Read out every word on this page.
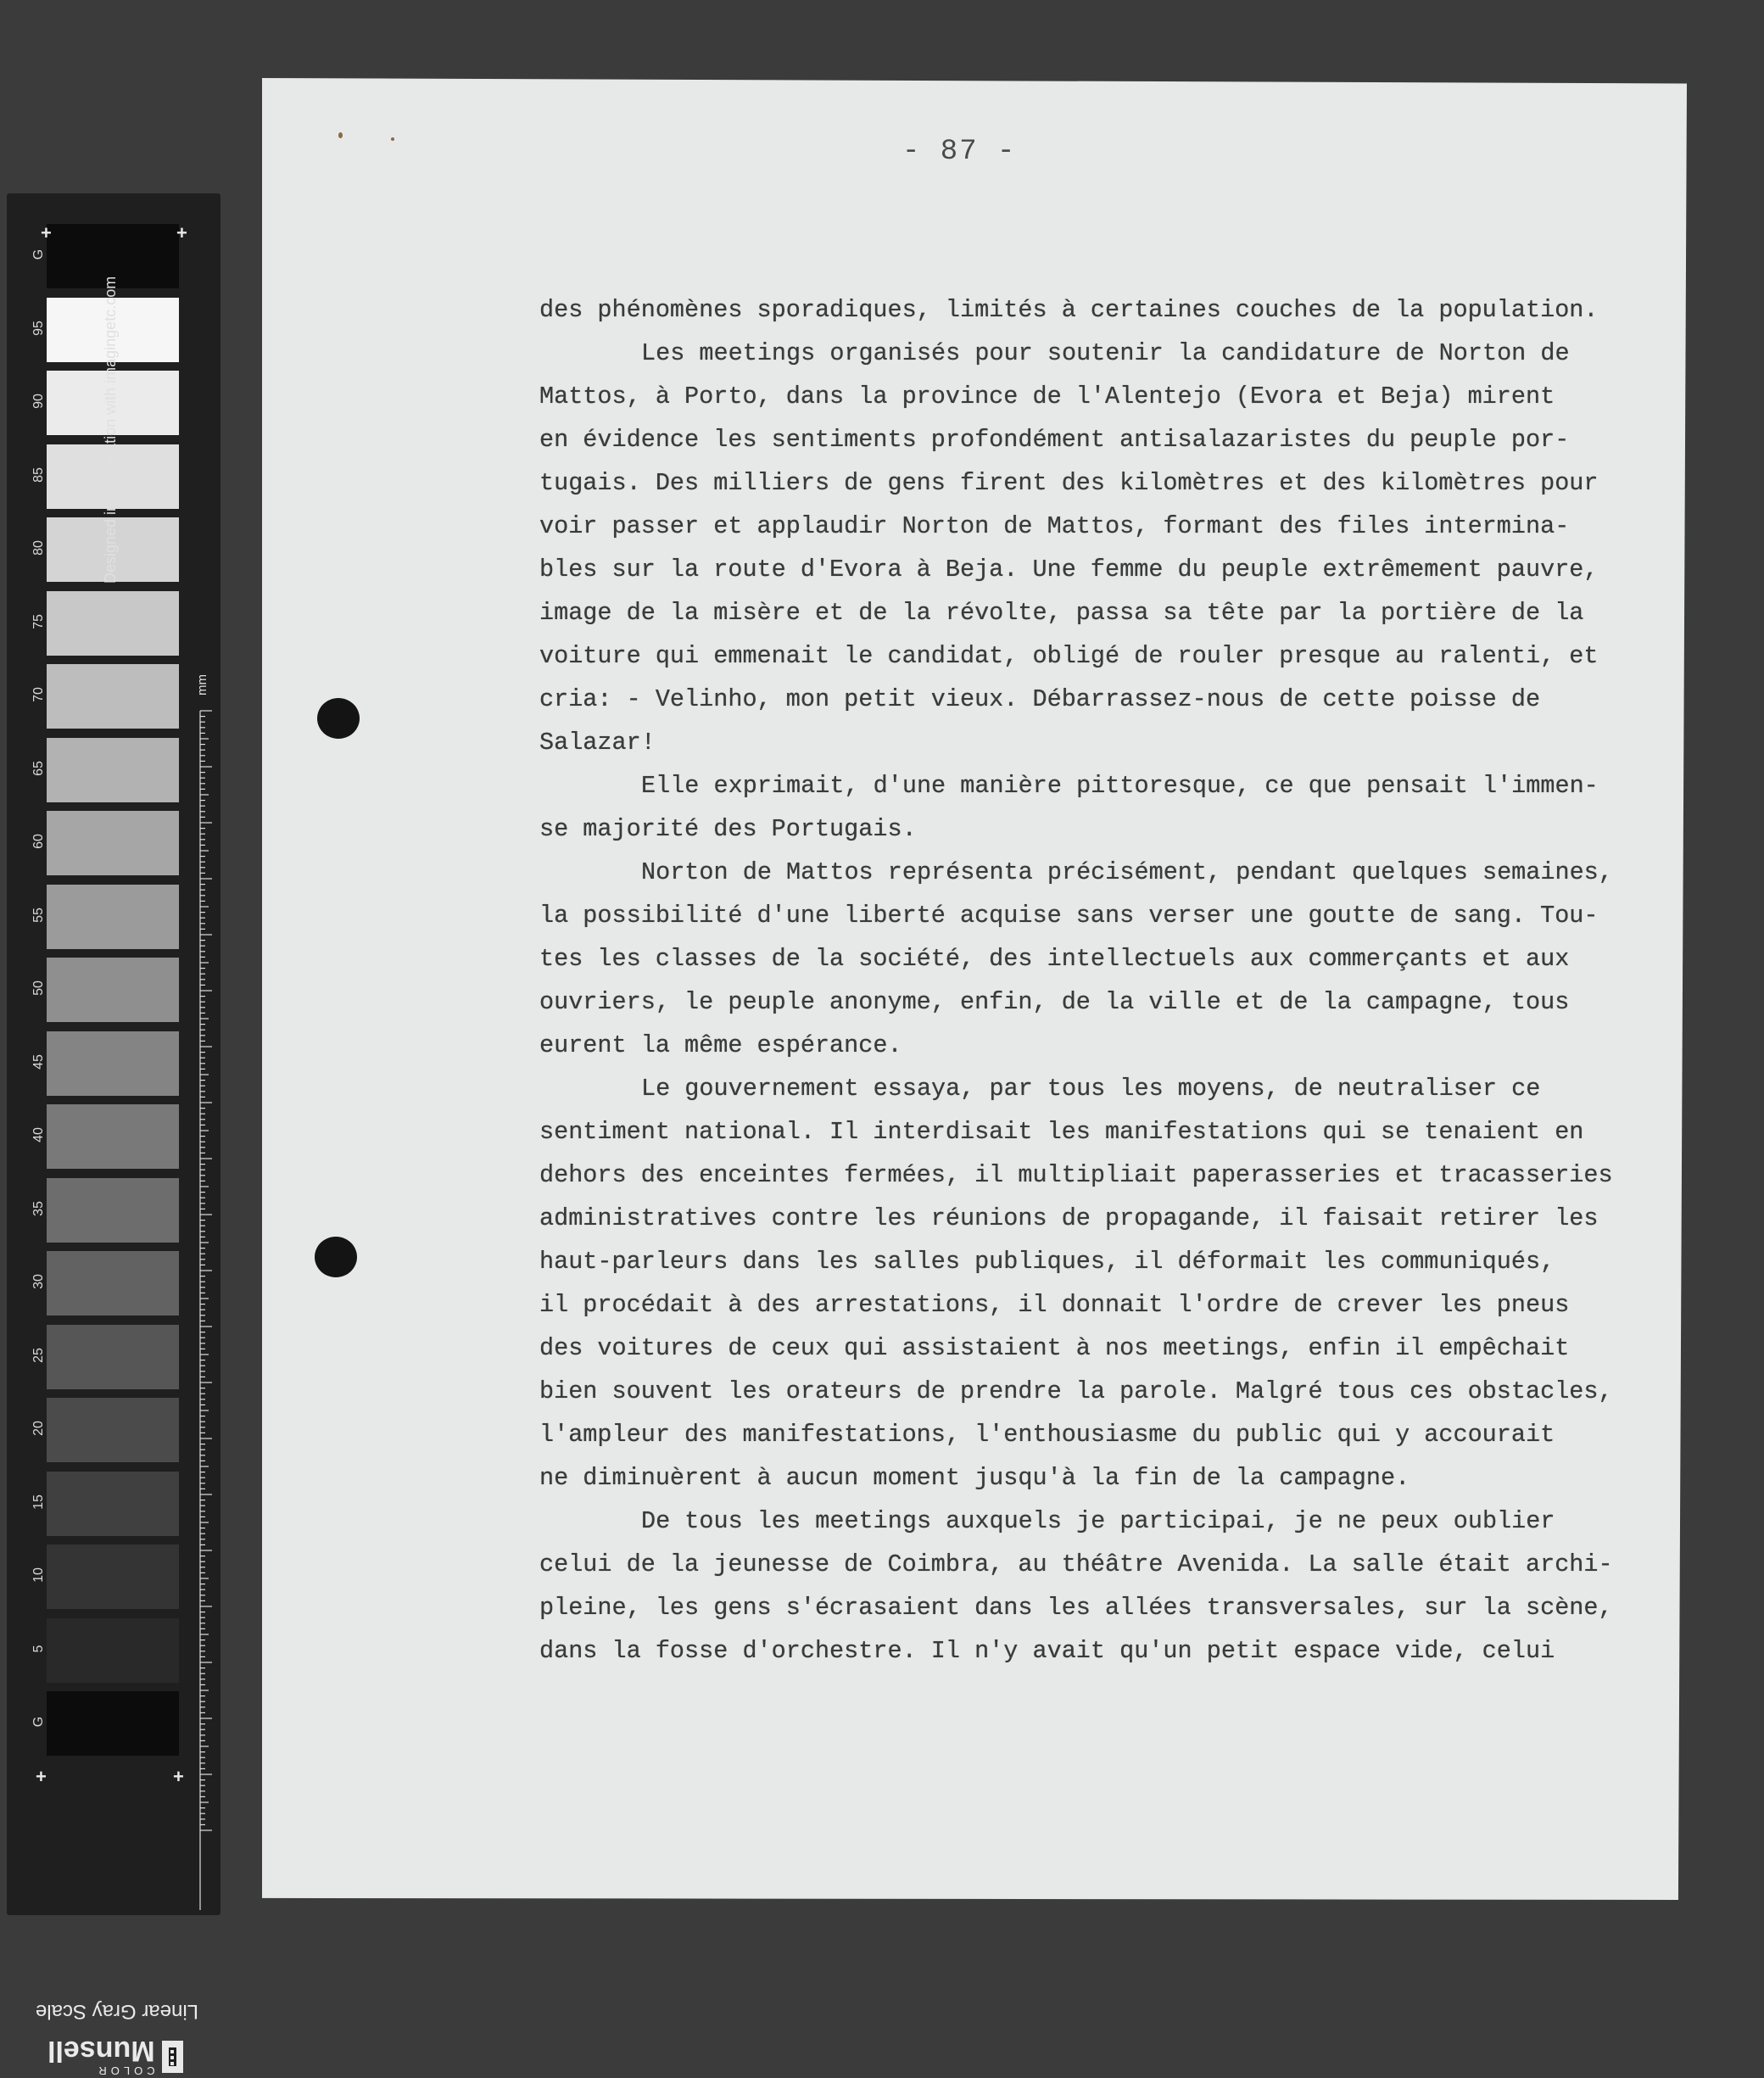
G
95
90
85
80
75
70
65
60
55
50
45
40
35
30
25
20
15
10
5
G
+	+
+	+
Designed in cooperation with imagingetc.com
mm
Linear Gray Scale
COLOR
Munsell
- 87 -
des phénomènes sporadiques, limités à certaines couches de la population.
Les meetings organisés pour soutenir la candidature de Norton de
Mattos, à Porto, dans la province de l'Alentejo (Evora et Beja) mirent
en évidence les sentiments profondément antisalazaristes du peuple por-
tugais. Des milliers de gens firent des kilomètres et des kilomètres pour
voir passer et applaudir Norton de Mattos, formant des files intermina-
bles sur la route d'Evora à Beja. Une femme du peuple extrêmement pauvre,
image de la misère et de la révolte, passa sa tête par la portière de la
voiture qui emmenait le candidat, obligé de rouler presque au ralenti, et
cria: - Velinho, mon petit vieux. Débarrassez-nous de cette poisse de
Salazar!
Elle exprimait, d'une manière pittoresque, ce que pensait l'immen-
se majorité des Portugais.
Norton de Mattos représenta précisément, pendant quelques semaines,
la possibilité d'une liberté acquise sans verser une goutte de sang. Tou-
tes les classes de la société, des intellectuels aux commerçants et aux
ouvriers, le peuple anonyme, enfin, de la ville et de la campagne, tous
eurent la même espérance.
Le gouvernement essaya, par tous les moyens, de neutraliser ce
sentiment national. Il interdisait les manifestations qui se tenaient en
dehors des enceintes fermées, il multipliait paperasseries et tracasseries
administratives contre les réunions de propagande, il faisait retirer les
haut-parleurs dans les salles publiques, il déformait les communiqués,
il procédait à des arrestations, il donnait l'ordre de crever les pneus
des voitures de ceux qui assistaient à nos meetings, enfin il empêchait
bien souvent les orateurs de prendre la parole. Malgré tous ces obstacles,
l'ampleur des manifestations, l'enthousiasme du public qui y accourait
ne diminuèrent à aucun moment jusqu'à la fin de la campagne.
De tous les meetings auxquels je participai, je ne peux oublier
celui de la jeunesse de Coimbra, au théâtre Avenida. La salle était archi-
pleine, les gens s'écrasaient dans les allées transversales, sur la scène,
dans la fosse d'orchestre. Il n'y avait qu'un petit espace vide, celui
